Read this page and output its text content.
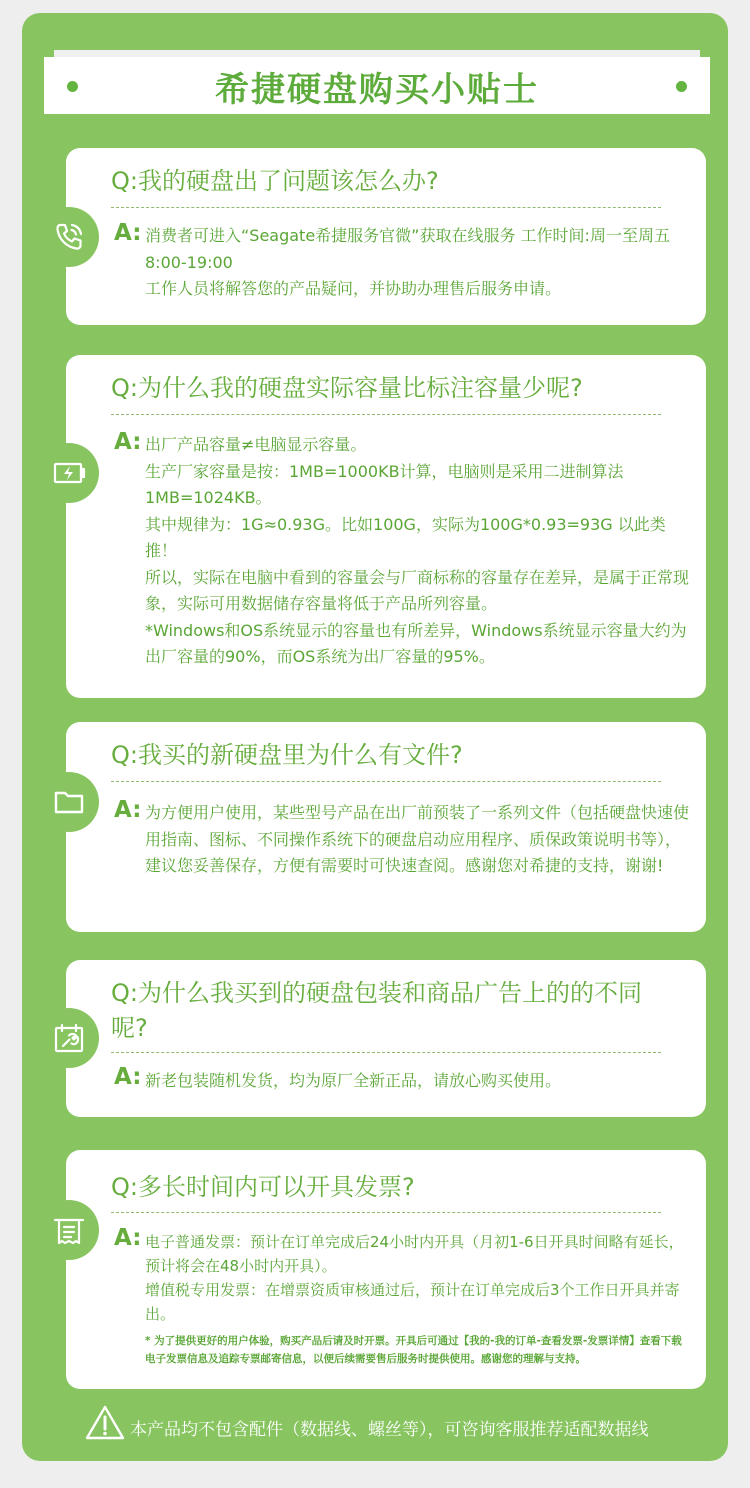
希捷硬盘购买小贴士
Q:我的硬盘出了问题该怎么办?
A: 消费者可进入“Seagate希捷服务官微”获取在线服务 工作时间:周一至周五8:00-19:00

工作人员将解答您的产品疑问，并协助办理售后服务申请。

Q:为什么我的硬盘实际容量比标注容量少呢?
A: 出厂产品容量≠电脑显示容量。

生产厂家容量是按：1MB=1000KB计算，电脑则是采用二进制算法1MB=1024KB。

其中规律为：1G≈0.93G。比如100G，实际为100G*0.93=93G 以此类推！

所以，实际在电脑中看到的容量会与厂商标称的容量存在差异，是属于正常现象，实际可用数据储存容量将低于产品所列容量。

*Windows和OS系统显示的容量也有所差异，Windows系统显示容量大约为出厂容量的90%，而OS系统为出厂容量的95%。

Q:我买的新硬盘里为什么有文件?
A: 为方便用户使用，某些型号产品在出厂前预装了一系列文件（包括硬盘快速使用指南、图标、不同操作系统下的硬盘启动应用程序、质保政策说明书等），建议您妥善保存，方便有需要时可快速查阅。感谢您对希捷的支持，谢谢!

Q:为什么我买到的硬盘包装和商品广告上的的不同呢?
A: 新老包装随机发货，均为原厂全新正品，请放心购买使用。

Q:多长时间内可以开具发票?
A: 电子普通发票：预计在订单完成后24小时内开具（月初1-6日开具时间略有延长，预计将会在48小时内开具）。

增值税专用发票：在增票资质审核通过后，预计在订单完成后3个工作日开具并寄出。

* 为了提供更好的用户体验，购买产品后请及时开票。开具后可通过【我的-我的订单-查看发票-发票详情】查看下载电子发票信息及追踪专票邮寄信息，以便后续需要售后服务时提供使用。感谢您的理解与支持。

本产品均不包含配件（数据线、螺丝等），可咨询客服推荐适配数据线
